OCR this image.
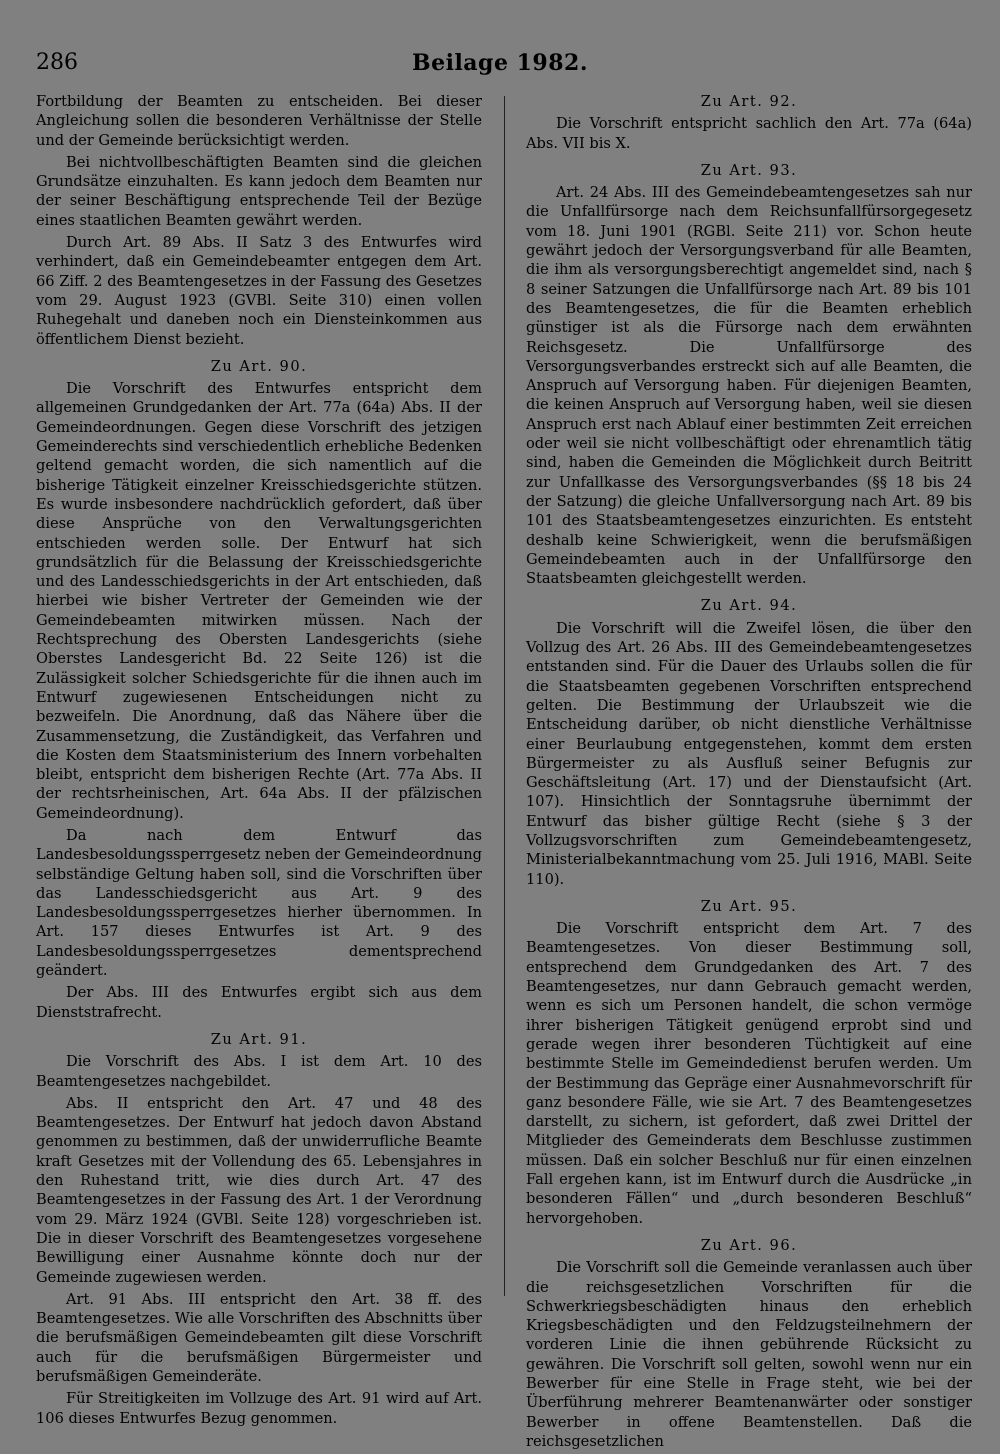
286	Beilage 1982.

Fortbildung der Beamten zu entscheiden. Bei dieser Angleichung sollen die besonderen Verhältnisse der Stelle und der Gemeinde berücksichtigt werden.

Bei nichtvollbeschäftigten Beamten sind die gleichen Grundsätze einzuhalten. Es kann jedoch dem Beamten nur der seiner Beschäftigung entsprechende Teil der Bezüge eines staatlichen Beamten gewährt werden.

Durch Art. 89 Abs. II Satz 3 des Entwurfes wird verhindert, daß ein Gemeindebeamter entgegen dem Art. 66 Ziff. 2 des Beamtengesetzes in der Fassung des Gesetzes vom 29. August 1923 (GVBl. Seite 310) einen vollen Ruhegehalt und daneben noch ein Diensteinkommen aus öffentlichem Dienst bezieht.

Zu Art. 90.

Die Vorschrift des Entwurfes entspricht dem allgemeinen Grundgedanken der Art. 77a (64a) Abs. II der Gemeindeordnungen. Gegen diese Vorschrift des jetzigen Gemeinderechts sind verschiedentlich erhebliche Bedenken geltend gemacht worden, die sich namentlich auf die bisherige Tätigkeit einzelner Kreisschiedsgerichte stützen. Es wurde insbesondere nachdrücklich gefordert, daß über diese Ansprüche von den Verwaltungsgerichten entschieden werden solle. Der Entwurf hat sich grundsätzlich für die Belassung der Kreisschiedsgerichte und des Landesschiedsgerichts in der Art entschieden, daß hierbei wie bisher Vertreter der Gemeinden wie der Gemeindebeamten mitwirken müssen. Nach der Rechtsprechung des Obersten Landesgerichts (siehe Oberstes Landesgericht Bd. 22 Seite 126) ist die Zulässigkeit solcher Schiedsgerichte für die ihnen auch im Entwurf zugewiesenen Entscheidungen nicht zu bezweifeln. Die Anordnung, daß das Nähere über die Zusammensetzung, die Zuständigkeit, das Verfahren und die Kosten dem Staatsministerium des Innern vorbehalten bleibt, entspricht dem bisherigen Rechte (Art. 77a Abs. II der rechtsrheinischen, Art. 64a Abs. II der pfälzischen Gemeindeordnung).

Da nach dem Entwurf das Landesbesoldungssperrgesetz neben der Gemeindeordnung selbständige Geltung haben soll, sind die Vorschriften über das Landesschiedsgericht aus Art. 9 des Landesbesoldungssperrgesetzes hierher übernommen. In Art. 157 dieses Entwurfes ist Art. 9 des Landesbesoldungssperrgesetzes dementsprechend geändert.

Der Abs. III des Entwurfes ergibt sich aus dem Dienststrafrecht.

Zu Art. 91.

Die Vorschrift des Abs. I ist dem Art. 10 des Beamtengesetzes nachgebildet.

Abs. II entspricht den Art. 47 und 48 des Beamtengesetzes. Der Entwurf hat jedoch davon Abstand genommen zu bestimmen, daß der unwiderrufliche Beamte kraft Gesetzes mit der Vollendung des 65. Lebensjahres in den Ruhestand tritt, wie dies durch Art. 47 des Beamtengesetzes in der Fassung des Art. 1 der Verordnung vom 29. März 1924 (GVBl. Seite 128) vorgeschrieben ist. Die in dieser Vorschrift des Beamtengesetzes vorgesehene Bewilligung einer Ausnahme könnte doch nur der Gemeinde zugewiesen werden.

Art. 91 Abs. III entspricht den Art. 38 ff. des Beamtengesetzes. Wie alle Vorschriften des Abschnitts über die berufsmäßigen Gemeindebeamten gilt diese Vorschrift auch für die berufsmäßigen Bürgermeister und berufsmäßigen Gemeinderäte.

Für Streitigkeiten im Vollzuge des Art. 91 wird auf Art. 106 dieses Entwurfes Bezug genommen.

Zu Art. 92.

Die Vorschrift entspricht sachlich den Art. 77a (64a) Abs. VII bis X.

Zu Art. 93.

Art. 24 Abs. III des Gemeindebeamtengesetzes sah nur die Unfallfürsorge nach dem Reichsunfallfürsorgegesetz vom 18. Juni 1901 (RGBl. Seite 211) vor. Schon heute gewährt jedoch der Versorgungsverband für alle Beamten, die ihm als versorgungsberechtigt angemeldet sind, nach § 8 seiner Satzungen die Unfallfürsorge nach Art. 89 bis 101 des Beamtengesetzes, die für die Beamten erheblich günstiger ist als die Fürsorge nach dem erwähnten Reichsgesetz. Die Unfallfürsorge des Versorgungsverbandes erstreckt sich auf alle Beamten, die Anspruch auf Versorgung haben. Für diejenigen Beamten, die keinen Anspruch auf Versorgung haben, weil sie diesen Anspruch erst nach Ablauf einer bestimmten Zeit erreichen oder weil sie nicht vollbeschäftigt oder ehrenamtlich tätig sind, haben die Gemeinden die Möglichkeit durch Beitritt zur Unfallkasse des Versorgungsverbandes (§§ 18 bis 24 der Satzung) die gleiche Unfallversorgung nach Art. 89 bis 101 des Staatsbeamtengesetzes einzurichten. Es entsteht deshalb keine Schwierigkeit, wenn die berufsmäßigen Gemeindebeamten auch in der Unfallfürsorge den Staatsbeamten gleichgestellt werden.

Zu Art. 94.

Die Vorschrift will die Zweifel lösen, die über den Vollzug des Art. 26 Abs. III des Gemeindebeamtengesetzes entstanden sind. Für die Dauer des Urlaubs sollen die für die Staatsbeamten gegebenen Vorschriften entsprechend gelten. Die Bestimmung der Urlaubszeit wie die Entscheidung darüber, ob nicht dienstliche Verhältnisse einer Beurlaubung entgegenstehen, kommt dem ersten Bürgermeister zu als Ausfluß seiner Befugnis zur Geschäftsleitung (Art. 17) und der Dienstaufsicht (Art. 107). Hinsichtlich der Sonntagsruhe übernimmt der Entwurf das bisher gültige Recht (siehe § 3 der Vollzugsvorschriften zum Gemeindebeamtengesetz, Ministerialbekanntmachung vom 25. Juli 1916, MABl. Seite 110).

Zu Art. 95.

Die Vorschrift entspricht dem Art. 7 des Beamtengesetzes. Von dieser Bestimmung soll, entsprechend dem Grundgedanken des Art. 7 des Beamtengesetzes, nur dann Gebrauch gemacht werden, wenn es sich um Personen handelt, die schon vermöge ihrer bisherigen Tätigkeit genügend erprobt sind und gerade wegen ihrer besonderen Tüchtigkeit auf eine bestimmte Stelle im Gemeindedienst berufen werden. Um der Bestimmung das Gepräge einer Ausnahmevorschrift für ganz besondere Fälle, wie sie Art. 7 des Beamtengesetzes darstellt, zu sichern, ist gefordert, daß zwei Drittel der Mitglieder des Gemeinderats dem Beschlusse zustimmen müssen. Daß ein solcher Beschluß nur für einen einzelnen Fall ergehen kann, ist im Entwurf durch die Ausdrücke „in besonderen Fällen“ und „durch besonderen Beschluß“ hervorgehoben.

Zu Art. 96.

Die Vorschrift soll die Gemeinde veranlassen auch über die reichsgesetzlichen Vorschriften für die Schwerkriegsbeschädigten hinaus den erheblich Kriegsbeschädigten und den Feldzugsteilnehmern der vorderen Linie die ihnen gebührende Rücksicht zu gewähren. Die Vorschrift soll gelten, sowohl wenn nur ein Bewerber für eine Stelle in Frage steht, wie bei der Überführung mehrerer Beamtenanwärter oder sonstiger Bewerber in offene Beamtenstellen. Daß die reichsgesetzlichen
